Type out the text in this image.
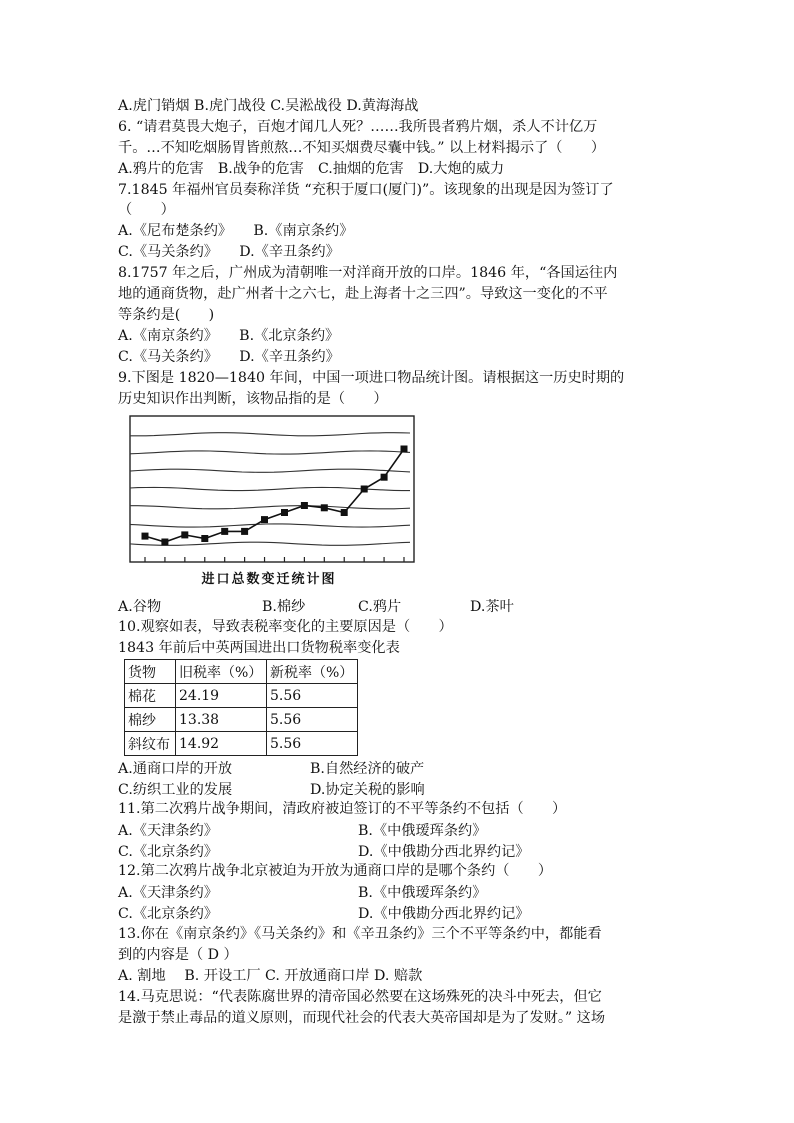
A.虎门销烟 B.虎门战役 C.吴淞战役 D.黄海海战
6. “请君莫畏大炮子，百炮才闻几人死？……我所畏者鸦片烟，杀人不计亿万
千。…不知吃烟肠胃皆煎熬…不知买烟费尽囊中钱。” 以上材料揭示了（　　）
A.鸦片的危害　B.战争的危害　C.抽烟的危害　D.大炮的威力
7.1845 年福州官员奏称洋货 “充积于厦口(厦门)”。该现象的出现是因为签订了
（　　）
A.《尼布楚条约》　　B.《南京条约》
C.《马关条约》　　D.《辛丑条约》
8.1757 年之后，广州成为清朝唯一对洋商开放的口岸。1846 年，“各国运往内
地的通商货物，赴广州者十之六七，赴上海者十之三四”。导致这一变化的不平
等条约是(　　)
A.《南京条约》　　B.《北京条约》
C.《马关条约》　　D.《辛丑条约》
9.下图是 1820—1840 年间，中国一项进口物品统计图。请根据这一历史时期的
历史知识作出判断，该物品指的是（　　）
进口总数变迁统计图
A.谷物	B.棉纱	C.鸦片	D.茶叶
10.观察如表，导致表税率变化的主要原因是（　　）
1843 年前后中英两国进出口货物税率变化表
货物	旧税率（%）	新税率（%）
棉花	24.19	5.56
棉纱	13.38	5.56
斜纹布	14.92	5.56
A.通商口岸的开放	B.自然经济的破产
C.纺织工业的发展	D.协定关税的影响
11.第二次鸦片战争期间，清政府被迫签订的不平等条约不包括（　　）
A.《天津条约》	B.《中俄瑷珲条约》
C.《北京条约》	D.《中俄勘分西北界约记》
12.第二次鸦片战争北京被迫为开放为通商口岸的是哪个条约（　　）
A.《天津条约》	B.《中俄瑷珲条约》
C.《北京条约》	D.《中俄勘分西北界约记》
13.你在《南京条约》《马关条约》和《辛丑条约》三个不平等条约中，都能看
到的内容是（ D ）
A. 割地　 B. 开设工厂 C. 开放通商口岸 D. 赔款
14.马克思说：“代表陈腐世界的清帝国必然要在这场殊死的决斗中死去，但它
是激于禁止毒品的道义原则，而现代社会的代表大英帝国却是为了发财。” 这场
